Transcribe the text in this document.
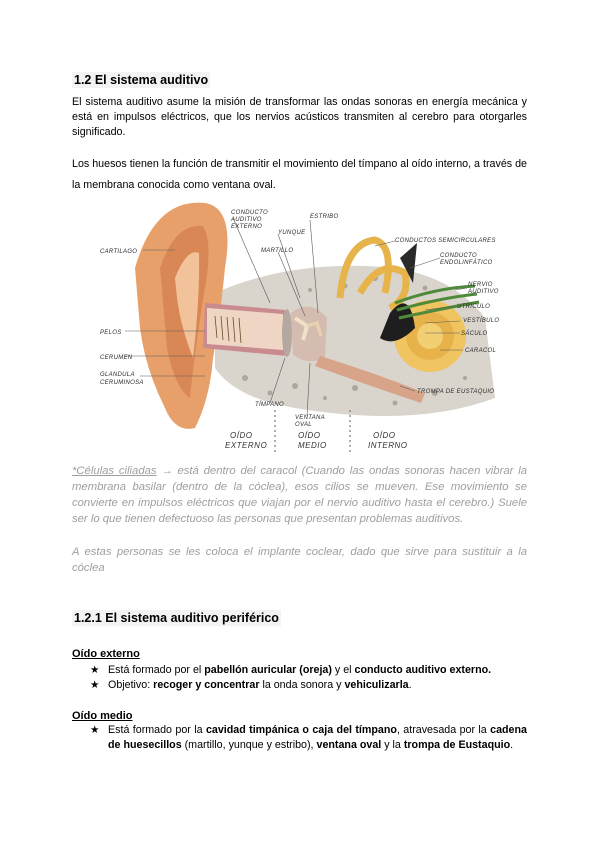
1.2 El sistema auditivo
El sistema auditivo asume la misión de transformar las ondas sonoras en energía mecánica y está en impulsos eléctricos, que los nervios acústicos transmiten al cerebro para otorgarles significado.
Los huesos tienen la función de transmitir el movimiento del tímpano al oído interno, a través de la membrana conocida como ventana oval.
CARTILAGO
PELOS
CERUMEN
GLANDULA
CERUMINOSA
CONDUCTO
AUDITIVO
EXTERNO
ESTRIBO
YUNQUE
MARTILLO
CONDUCTOS SEMICIRCULARES
CONDUCTO
ENDOLINFÁTICO
NERVIO
AUDITIVO
UTRÍCULO
VESTÍBULO
SÁCULO
CARACOL
TROMPA DE EUSTAQUIO
TÍMPANO
VENTANA
OVAL
OÍDO
EXTERNO
OÍDO
MEDIO
OÍDO
INTERNO
*Células ciliadas → está dentro del caracol (Cuando las ondas sonoras hacen vibrar la membrana basilar (dentro de la cóclea), esos cilios se mueven. Ese movimiento se convierte en impulsos eléctricos que viajan por el nervio auditivo hasta el cerebro.) Suele ser lo que tienen defectuoso las personas que presentan problemas auditivos.
A estas personas se les coloca el implante coclear, dado que sirve para sustituir a la cóclea
1.2.1 El sistema auditivo periférico
Oído externo
★ Está formado por el pabellón auricular (oreja) y el conducto auditivo externo.
★ Objetivo: recoger y concentrar la onda sonora y vehiculizarla.
Oído medio
★ Está formado por la cavidad timpánica o caja del tímpano, atravesada por la cadena de huesecillos (martillo, yunque y estribo), ventana oval y la trompa de Eustaquio.
